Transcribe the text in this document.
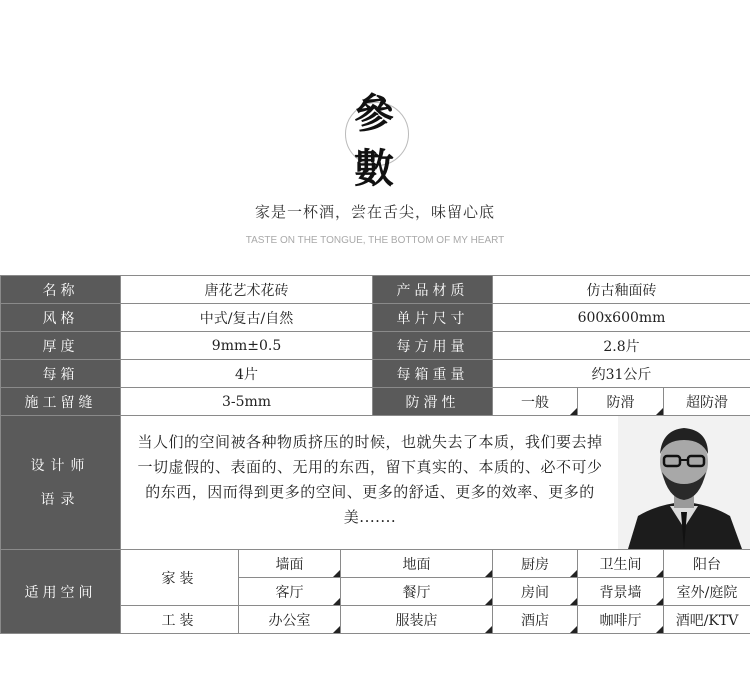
參
數
家是一杯酒，尝在舌尖，味留心底
TASTE ON THE TONGUE, THE BOTTOM OF MY HEART
名称	唐花艺术花砖			产品材质	仿古釉面砖		
风格	中式/复古/自然			单片尺寸	600x600mm		
厚度	9mm±0.5			每方用量	2.8片		
每箱	4片			每箱重量	约31公斤		
施工留缝	3-5mm			防滑性	一般	防滑	超防滑

设计师
语录	当人们的空间被各种物质挤压的时候，也就失去了本质，我们要去掉一切虚假的、表面的、无用的东西，留下真实的、本质的、必不可少的东西，因而得到更多的空间、更多的舒适、更多的效率、更多的美.......						

适用空间	家装	墙面	地面		厨房	卫生间	阳台
		客厅	餐厅		房间	背景墙	室外/庭院
	工装	办公室	服装店		酒店	咖啡厅	酒吧/KTV
